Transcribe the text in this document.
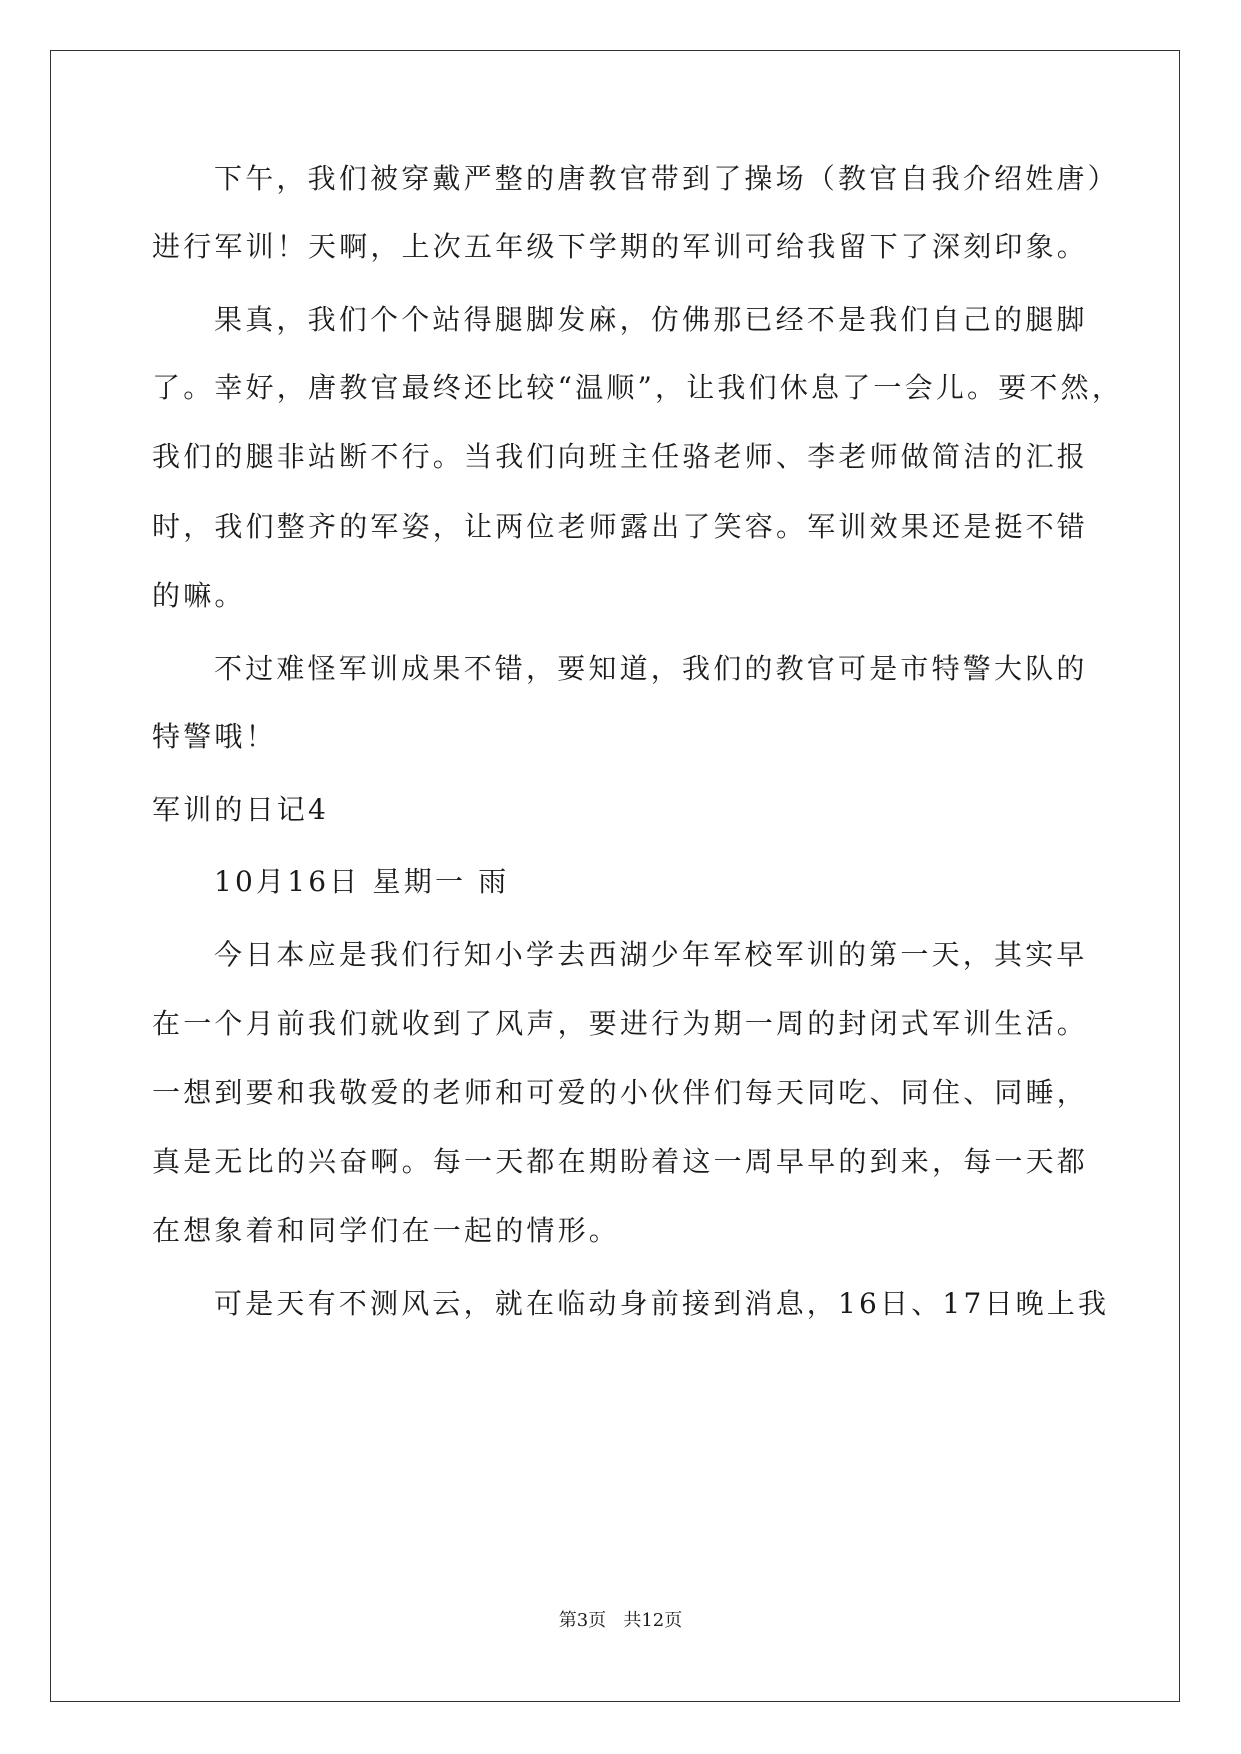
下午，我们被穿戴严整的唐教官带到了操场（教官自我介绍姓唐）
进行军训！天啊，上次五年级下学期的军训可给我留下了深刻印象。
果真，我们个个站得腿脚发麻，仿佛那已经不是我们自己的腿脚
了。幸好，唐教官最终还比较“温顺”，让我们休息了一会儿。要不然，
我们的腿非站断不行。当我们向班主任骆老师、李老师做简洁的汇报
时，我们整齐的军姿，让两位老师露出了笑容。军训效果还是挺不错
的嘛。
不过难怪军训成果不错，要知道，我们的教官可是市特警大队的
特警哦！
军训的日记4
10月16日 星期一 雨
今日本应是我们行知小学去西湖少年军校军训的第一天，其实早
在一个月前我们就收到了风声，要进行为期一周的封闭式军训生活。
一想到要和我敬爱的老师和可爱的小伙伴们每天同吃、同住、同睡，
真是无比的兴奋啊。每一天都在期盼着这一周早早的到来，每一天都
在想象着和同学们在一起的情形。
可是天有不测风云，就在临动身前接到消息，16日、17日晚上我
第3页   共12页
